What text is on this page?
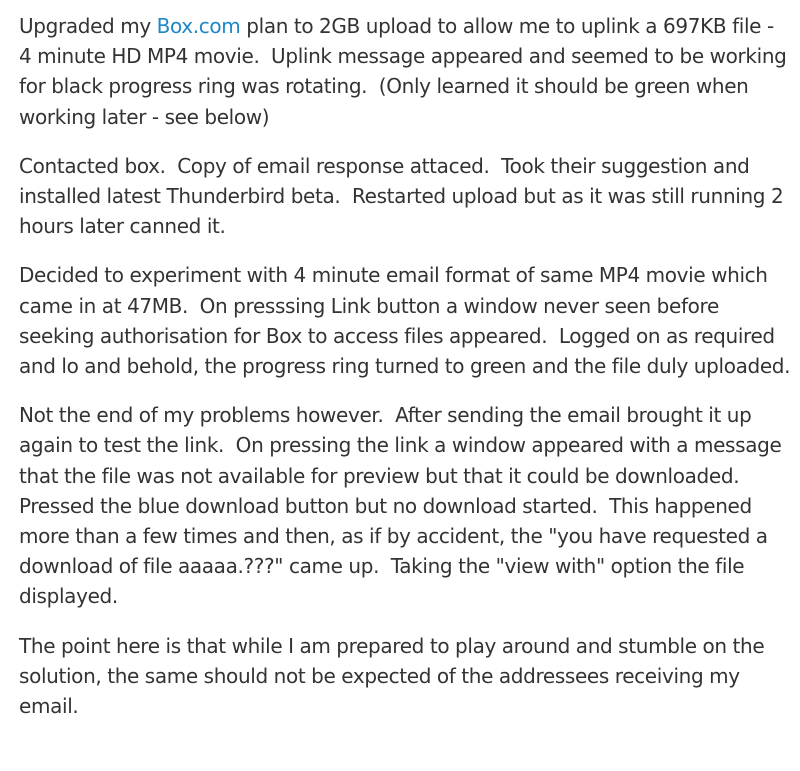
Upgraded my Box.com plan to 2GB upload to allow me to uplink a 697KB file - 4 minute HD MP4 movie.  Uplink message appeared and seemed to be working for black progress ring was rotating.  (Only learned it should be green when working later - see below)

Contacted box.  Copy of email response attaced.  Took their suggestion and installed latest Thunderbird beta.  Restarted upload but as it was still running 2 hours later canned it.

Decided to experiment with 4 minute email format of same MP4 movie which came in at 47MB.  On presssing Link button a window never seen before seeking authorisation for Box to access files appeared.  Logged on as required and lo and behold, the progress ring turned to green and the file duly uploaded.

Not the end of my problems however.  After sending the email brought it up again to test the link.  On pressing the link a window appeared with a message that the file was not available for preview but that it could be downloaded.  Pressed the blue download button but no download started.  This happened more than a few times and then, as if by accident, the "you have requested a download of file aaaaa.???" came up.  Taking the "view with" option the file displayed.

The point here is that while I am prepared to play around and stumble on the solution, the same should not be expected of the addressees receiving my email.
